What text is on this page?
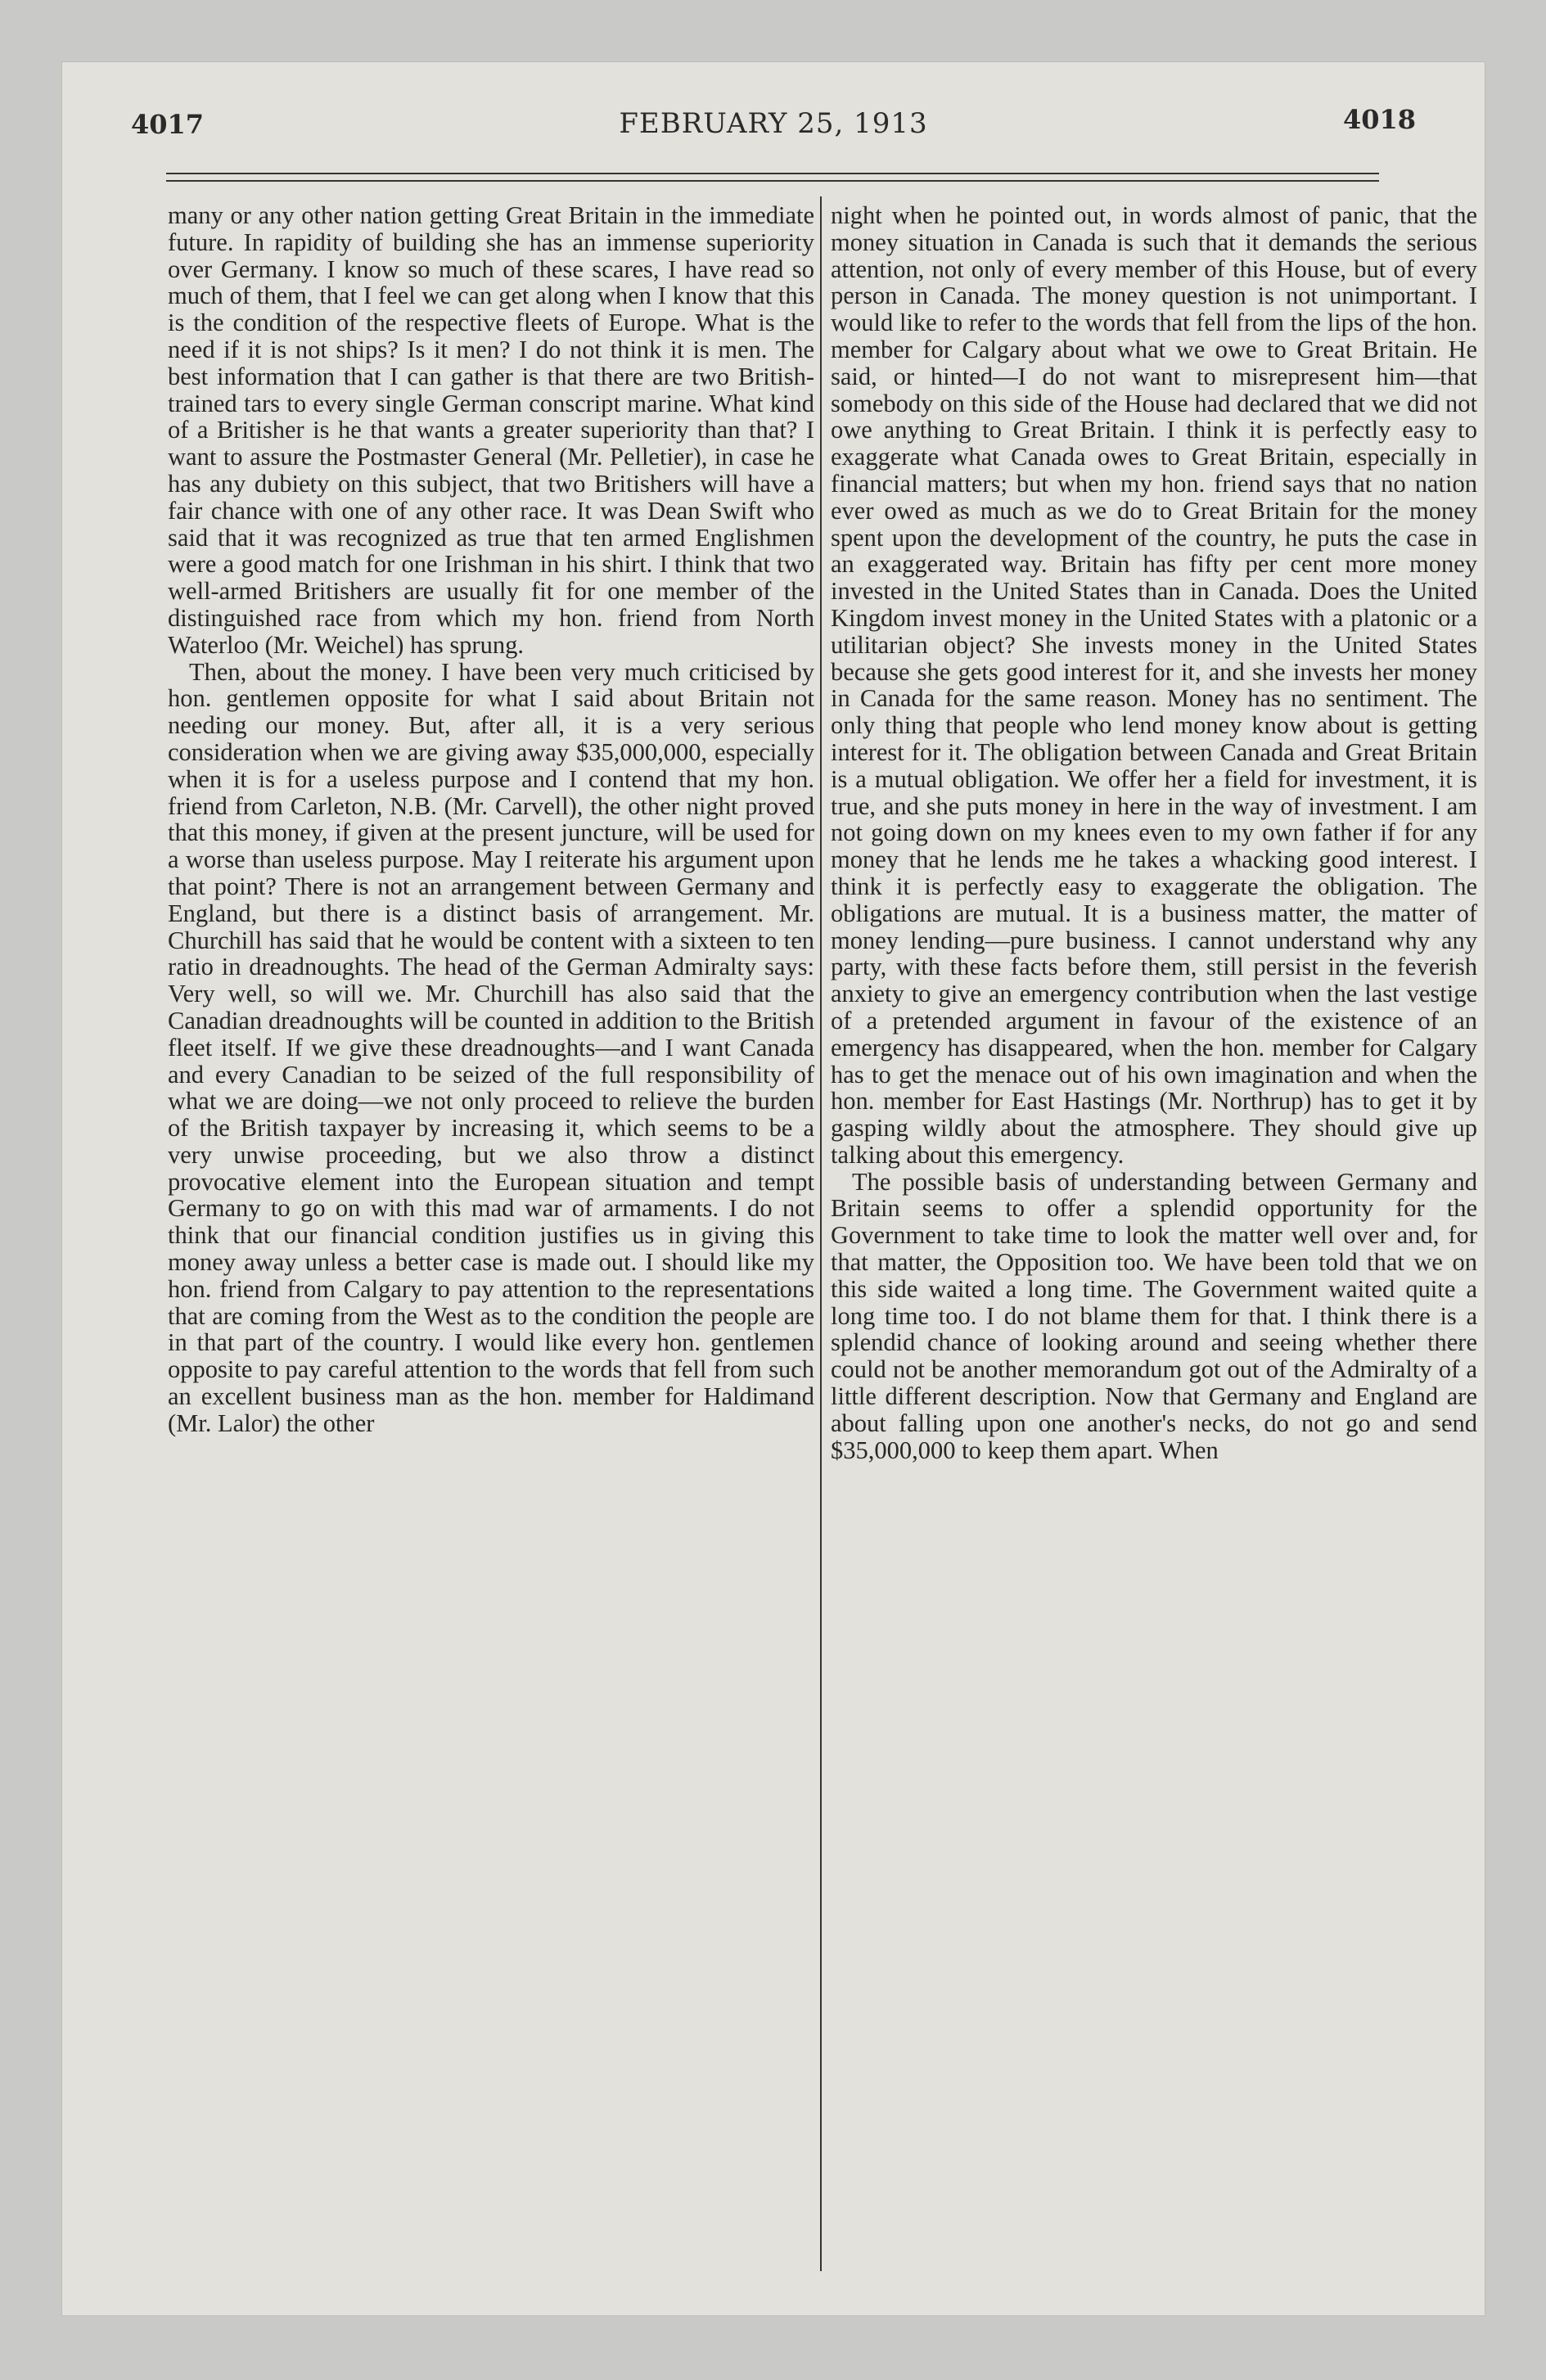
4017	FEBRUARY 25, 1913	4018

many or any other nation getting Great Britain in the immediate future. In rapidity of building she has an immense superiority over Germany. I know so much of these scares, I have read so much of them, that I feel we can get along when I know that this is the condition of the respective fleets of Europe. What is the need if it is not ships? Is it men? I do not think it is men. The best information that I can gather is that there are two British-trained tars to every single German conscript marine. What kind of a Britisher is he that wants a greater superiority than that? I want to assure the Postmaster General (Mr. Pelletier), in case he has any dubiety on this subject, that two Britishers will have a fair chance with one of any other race. It was Dean Swift who said that it was recognized as true that ten armed Englishmen were a good match for one Irishman in his shirt. I think that two well-armed Britishers are usually fit for one member of the distinguished race from which my hon. friend from North Waterloo (Mr. Weichel) has sprung.

Then, about the money. I have been very much criticised by hon. gentlemen opposite for what I said about Britain not needing our money. But, after all, it is a very serious consideration when we are giving away $35,000,000, especially when it is for a useless purpose and I contend that my hon. friend from Carleton, N.B. (Mr. Carvell), the other night proved that this money, if given at the present juncture, will be used for a worse than useless purpose. May I reiterate his argument upon that point? There is not an arrangement between Germany and England, but there is a distinct basis of arrangement. Mr. Churchill has said that he would be content with a sixteen to ten ratio in dreadnoughts. The head of the German Admiralty says: Very well, so will we. Mr. Churchill has also said that the Canadian dreadnoughts will be counted in addition to the British fleet itself. If we give these dreadnoughts—and I want Canada and every Canadian to be seized of the full responsibility of what we are doing—we not only proceed to relieve the burden of the British taxpayer by increasing it, which seems to be a very unwise proceeding, but we also throw a distinct provocative element into the European situation and tempt Germany to go on with this mad war of armaments. I do not think that our financial condition justifies us in giving this money away unless a better case is made out. I should like my hon. friend from Calgary to pay attention to the representations that are coming from the West as to the condition the people are in that part of the country. I would like every hon. gentlemen opposite to pay careful attention to the words that fell from such an excellent business man as the hon. member for Haldimand (Mr. Lalor) the other

night when he pointed out, in words almost of panic, that the money situation in Canada is such that it demands the serious attention, not only of every member of this House, but of every person in Canada. The money question is not unimportant. I would like to refer to the words that fell from the lips of the hon. member for Calgary about what we owe to Great Britain. He said, or hinted—I do not want to misrepresent him—that somebody on this side of the House had declared that we did not owe anything to Great Britain. I think it is perfectly easy to exaggerate what Canada owes to Great Britain, especially in financial matters; but when my hon. friend says that no nation ever owed as much as we do to Great Britain for the money spent upon the development of the country, he puts the case in an exaggerated way. Britain has fifty per cent more money invested in the United States than in Canada. Does the United Kingdom invest money in the United States with a platonic or a utilitarian object? She invests money in the United States because she gets good interest for it, and she invests her money in Canada for the same reason. Money has no sentiment. The only thing that people who lend money know about is getting interest for it. The obligation between Canada and Great Britain is a mutual obligation. We offer her a field for investment, it is true, and she puts money in here in the way of investment. I am not going down on my knees even to my own father if for any money that he lends me he takes a whacking good interest. I think it is perfectly easy to exaggerate the obligation. The obligations are mutual. It is a business matter, the matter of money lending—pure business. I cannot understand why any party, with these facts before them, still persist in the feverish anxiety to give an emergency contribution when the last vestige of a pretended argument in favour of the existence of an emergency has disappeared, when the hon. member for Calgary has to get the menace out of his own imagination and when the hon. member for East Hastings (Mr. Northrup) has to get it by gasping wildly about the atmosphere. They should give up talking about this emergency.

The possible basis of understanding between Germany and Britain seems to offer a splendid opportunity for the Government to take time to look the matter well over and, for that matter, the Opposition too. We have been told that we on this side waited a long time. The Government waited quite a long time too. I do not blame them for that. I think there is a splendid chance of looking around and seeing whether there could not be another memorandum got out of the Admiralty of a little different description. Now that Germany and England are about falling upon one another's necks, do not go and send $35,000,000 to keep them apart. When
